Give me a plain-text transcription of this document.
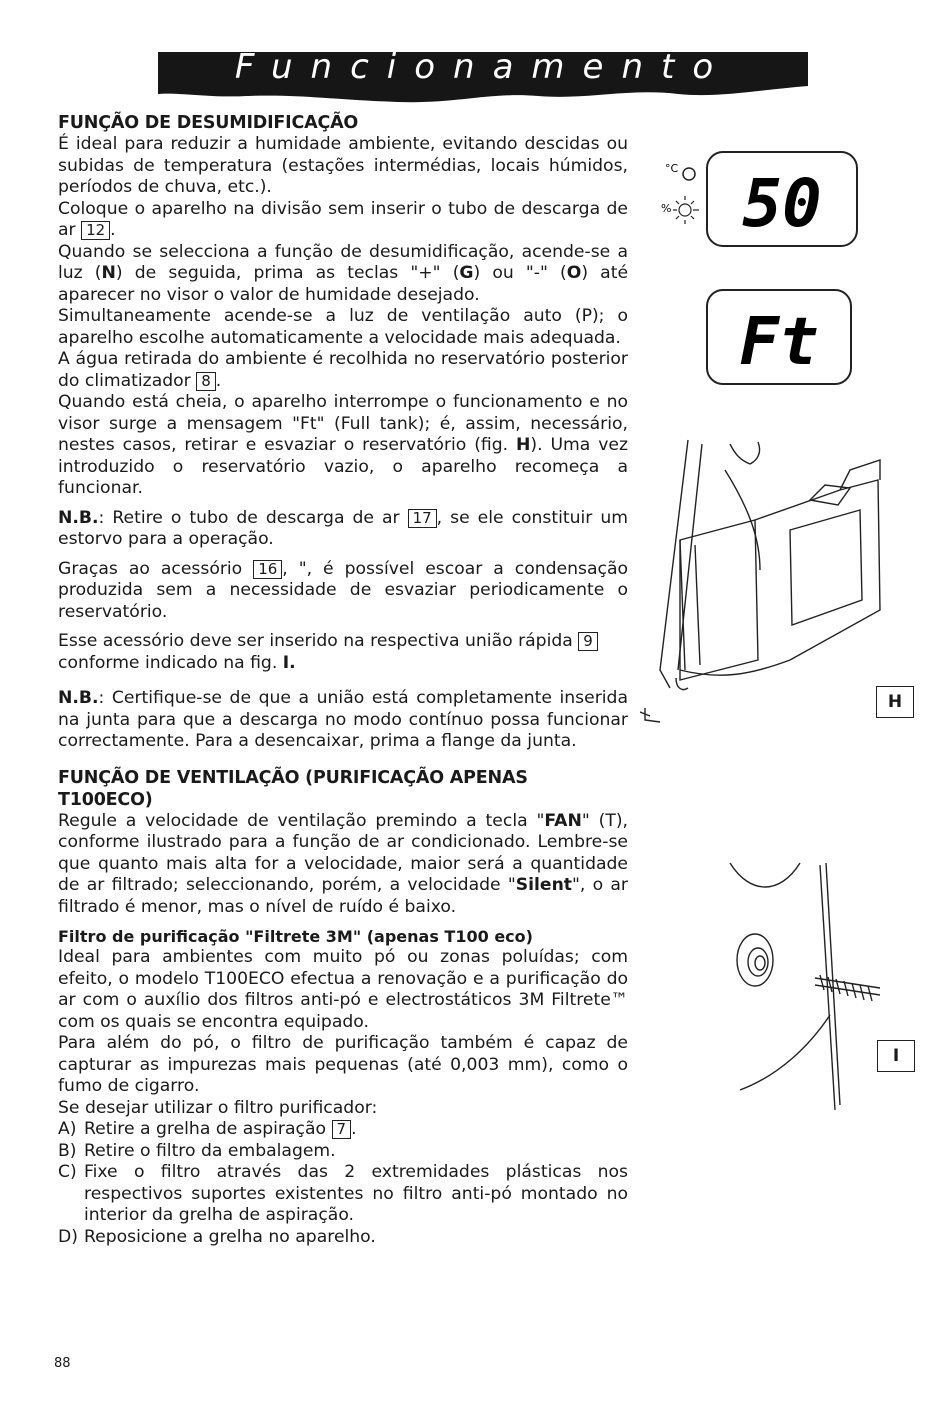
Funcionamento
FUNÇÃO DE DESUMIDIFICAÇÃO

É ideal para reduzir a humidade ambiente, evitando descidas ou subidas de temperatura (estações intermédias, locais húmidos, períodos de chuva, etc.).

Coloque o aparelho na divisão sem inserir o tubo de descarga de ar 12 .

Quando se selecciona a função de desumidificação, acende-se a luz (N) de seguida, prima as teclas "+" (G) ou "-" (O) até aparecer no visor o valor de humidade desejado.

Simultaneamente acende-se a luz de ventilação auto (P); o aparelho escolhe automaticamente a velocidade mais adequada.

A água retirada do ambiente é recolhida no reservatório posterior do climatizador 8 .

Quando está cheia, o aparelho interrompe o funcionamento e no visor surge a mensagem "Ft" (Full tank); é, assim, necessário, nestes casos, retirar e esvaziar o reservatório (fig. H). Uma vez introduzido o reservatório vazio, o aparelho recomeça a funcionar.

N.B.: Retire o tubo de descarga de ar 17 , se ele constituir um estorvo para a operação.

Graças ao acessório 16 , ", é possível escoar a condensação produzida sem a necessidade de esvaziar periodicamente o reservatório.

Esse acessório deve ser inserido na respectiva união rápida 9 conforme indicado na fig. I.

N.B.: Certifique-se de que a união está completamente inserida na junta para que a descarga no modo contínuo possa funcionar correctamente. Para a desencaixar, prima a flange da junta.

FUNÇÃO DE VENTILAÇÃO (PURIFICAÇÃO APENAS T100ECO)

Regule a velocidade de ventilação premindo a tecla "FAN" (T), conforme ilustrado para a função de ar condicionado. Lembre-se que quanto mais alta for a velocidade, maior será a quantidade de ar filtrado; seleccionando, porém, a velocidade "Silent", o ar filtrado é menor, mas o nível de ruído é baixo.

Filtro de purificação "Filtrete 3M" (apenas T100 eco)

Ideal para ambientes com muito pó ou zonas poluídas; com efeito, o modelo T100ECO efectua a renovação e a purificação do ar com o auxílio dos filtros anti-pó e electrostáticos 3M Filtrete™ com os quais se encontra equipado.

Para além do pó, o filtro de purificação também é capaz de capturar as impurezas mais pequenas (até 0,003 mm), como o fumo de cigarro.

Se desejar utilizar o filtro purificador:

A) Retire a grelha de aspiração 7 .
B) Retire o filtro da embalagem.
C) Fixe o filtro através das 2 extremidades plásticas nos respectivos suportes existentes no filtro anti-pó montado no interior da grelha de aspiração.
D) Reposicione a grelha no aparelho.
°C
% 50
Ft
H
I
88
